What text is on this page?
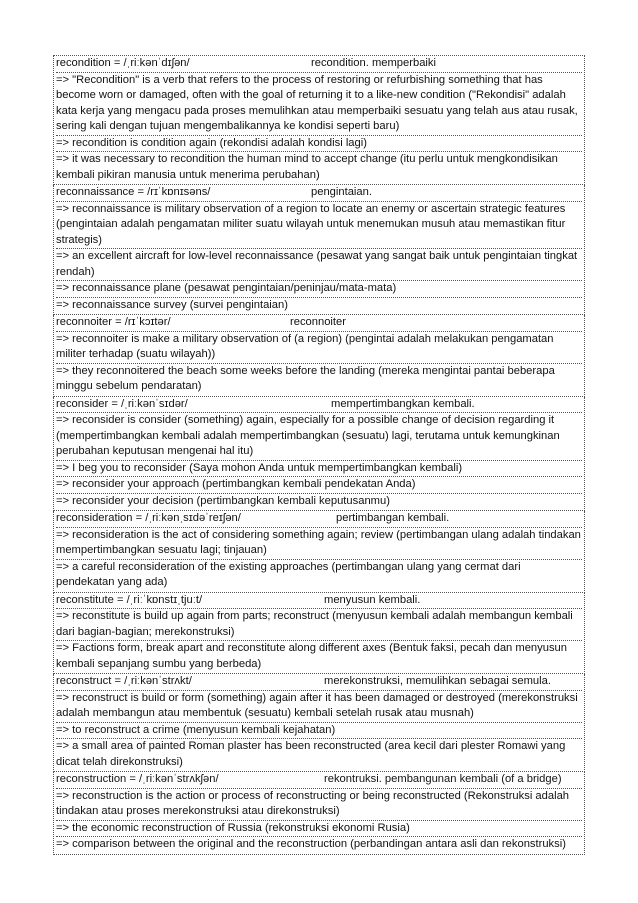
recondition = /ˌriːkənˈdɪʃən/	recondition. memperbaiki

=> "Recondition" is a verb that refers to the process of restoring or refurbishing something that has become worn or damaged, often with the goal of returning it to a like-new condition ("Rekondisi" adalah kata kerja yang mengacu pada proses memulihkan atau memperbaiki sesuatu yang telah aus atau rusak, sering kali dengan tujuan mengembalikannya ke kondisi seperti baru)

=> recondition is condition again (rekondisi adalah kondisi lagi)

=> it was necessary to recondition the human mind to accept change (itu perlu untuk mengkondisikan kembali pikiran manusia untuk menerima perubahan)

reconnaissance = /rɪˈkɒnɪsəns/	pengintaian.

=> reconnaissance is military observation of a region to locate an enemy or ascertain strategic features (pengintaian adalah pengamatan militer suatu wilayah untuk menemukan musuh atau memastikan fitur strategis)

=> an excellent aircraft for low-level reconnaissance (pesawat yang sangat baik untuk pengintaian tingkat rendah)

=> reconnaissance plane (pesawat pengintaian/peninjau/mata-mata)

=> reconnaissance survey (survei pengintaian)

reconnoiter = /rɪˈkɔɪtər/	reconnoiter

=> reconnoiter is make a military observation of (a region) (pengintai adalah melakukan pengamatan militer terhadap (suatu wilayah))

=> they reconnoitered the beach some weeks before the landing (mereka mengintai pantai beberapa minggu sebelum pendaratan)

reconsider = /ˌriːkənˈsɪdər/	mempertimbangkan kembali.

=> reconsider is consider (something) again, especially for a possible change of decision regarding it (mempertimbangkan kembali adalah mempertimbangkan (sesuatu) lagi, terutama untuk kemungkinan perubahan keputusan mengenai hal itu)

=> I beg you to reconsider (Saya mohon Anda untuk mempertimbangkan kembali)

=> reconsider your approach (pertimbangkan kembali pendekatan Anda)

=> reconsider your decision (pertimbangkan kembali keputusanmu)

reconsideration = /ˌriːkənˌsɪdəˈreɪʃən/	pertimbangan kembali.

=> reconsideration is the act of considering something again; review (pertimbangan ulang adalah tindakan mempertimbangkan sesuatu lagi; tinjauan)

=> a careful reconsideration of the existing approaches (pertimbangan ulang yang cermat dari pendekatan yang ada)

reconstitute = /ˌriːˈkɒnstɪˌtjuːt/	menyusun kembali.

=> reconstitute is build up again from parts; reconstruct (menyusun kembali adalah membangun kembali dari bagian-bagian; merekonstruksi)

=> Factions form, break apart and reconstitute along different axes (Bentuk faksi, pecah dan menyusun kembali sepanjang sumbu yang berbeda)

reconstruct = /ˌriːkənˈstrʌkt/	merekonstruksi, memulihkan sebagai semula.

=> reconstruct is build or form (something) again after it has been damaged or destroyed (merekonstruksi adalah membangun atau membentuk (sesuatu) kembali setelah rusak atau musnah)

=> to reconstruct a crime (menyusun kembali kejahatan)

=> a small area of painted Roman plaster has been reconstructed (area kecil dari plester Romawi yang dicat telah direkonstruksi)

reconstruction = /ˌriːkənˈstrʌkʃən/	rekontruksi. pembangunan kembali (of a bridge)

=> reconstruction is the action or process of reconstructing or being reconstructed (Rekonstruksi adalah tindakan atau proses merekonstruksi atau direkonstruksi)

=> the economic reconstruction of Russia (rekonstruksi ekonomi Rusia)

=> comparison between the original and the reconstruction (perbandingan antara asli dan rekonstruksi)
